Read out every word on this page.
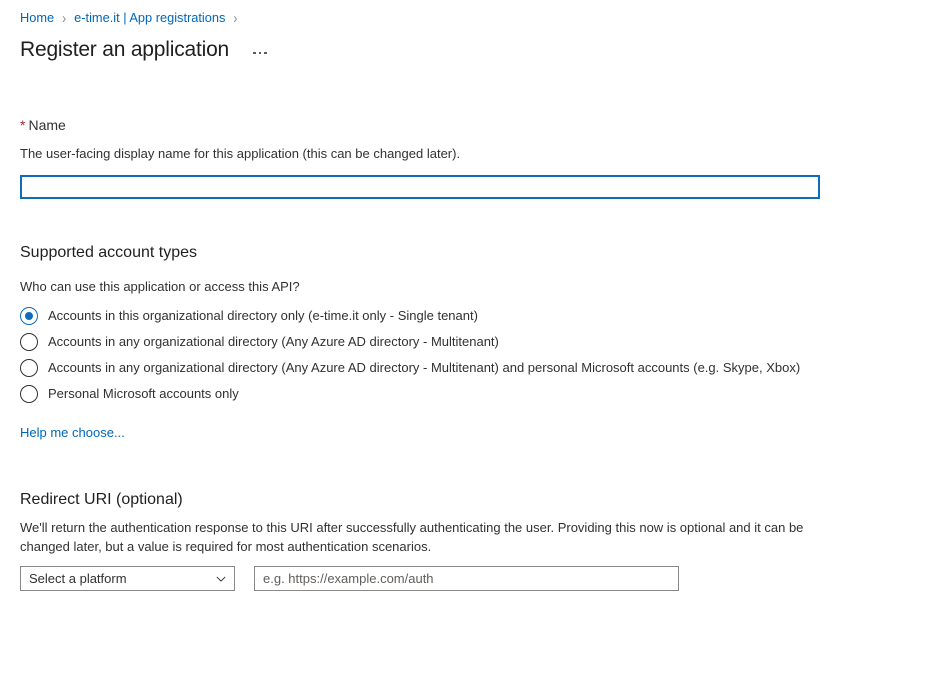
Home › e-time.it | App registrations ›
Register an application
* Name
The user-facing display name for this application (this can be changed later).
Supported account types
Who can use this application or access this API?
Accounts in this organizational directory only (e-time.it only - Single tenant)
Accounts in any organizational directory (Any Azure AD directory - Multitenant)
Accounts in any organizational directory (Any Azure AD directory - Multitenant) and personal Microsoft accounts (e.g. Skype, Xbox)
Personal Microsoft accounts only
Help me choose...
Redirect URI (optional)
We'll return the authentication response to this URI after successfully authenticating the user. Providing this now is optional and it can be changed later, but a value is required for most authentication scenarios.
Select a platform
e.g. https://example.com/auth
